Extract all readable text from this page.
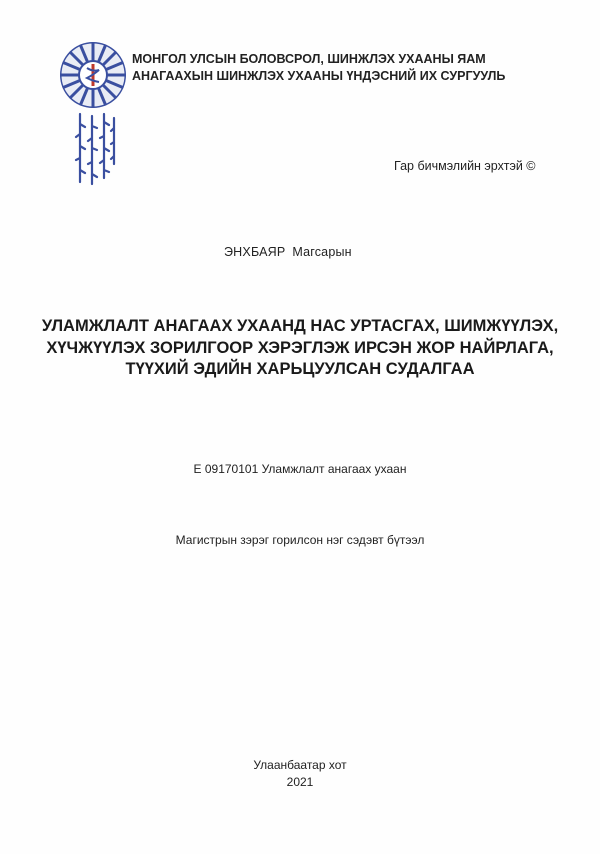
МОНГОЛ УЛСЫН БОЛОВСРОЛ, ШИНЖЛЭХ УХААНЫ ЯАМ
АНАГААХЫН ШИНЖЛЭХ УХААНЫ ҮНДЭСНИЙ ИХ СУРГУУЛЬ
Гар бичмэлийн эрхтэй ©
ЭНХБАЯР Магсарын
УЛАМЖЛАЛТ АНАГААХ УХААНД НАС УРТАСГАХ, ШИМЖҮҮЛЭХ,
ХҮЧЖҮҮЛЭХ ЗОРИЛГООР ХЭРЭГЛЭЖ ИРСЭН ЖОР НАЙРЛАГА,
ТҮҮХИЙ ЭДИЙН ХАРЬЦУУЛСАН СУДАЛГАА
E 09170101 Уламжлалт анагаах ухаан
Магистрын зэрэг горилсон нэг сэдэвт бүтээл
Улаанбаатар хот
2021
